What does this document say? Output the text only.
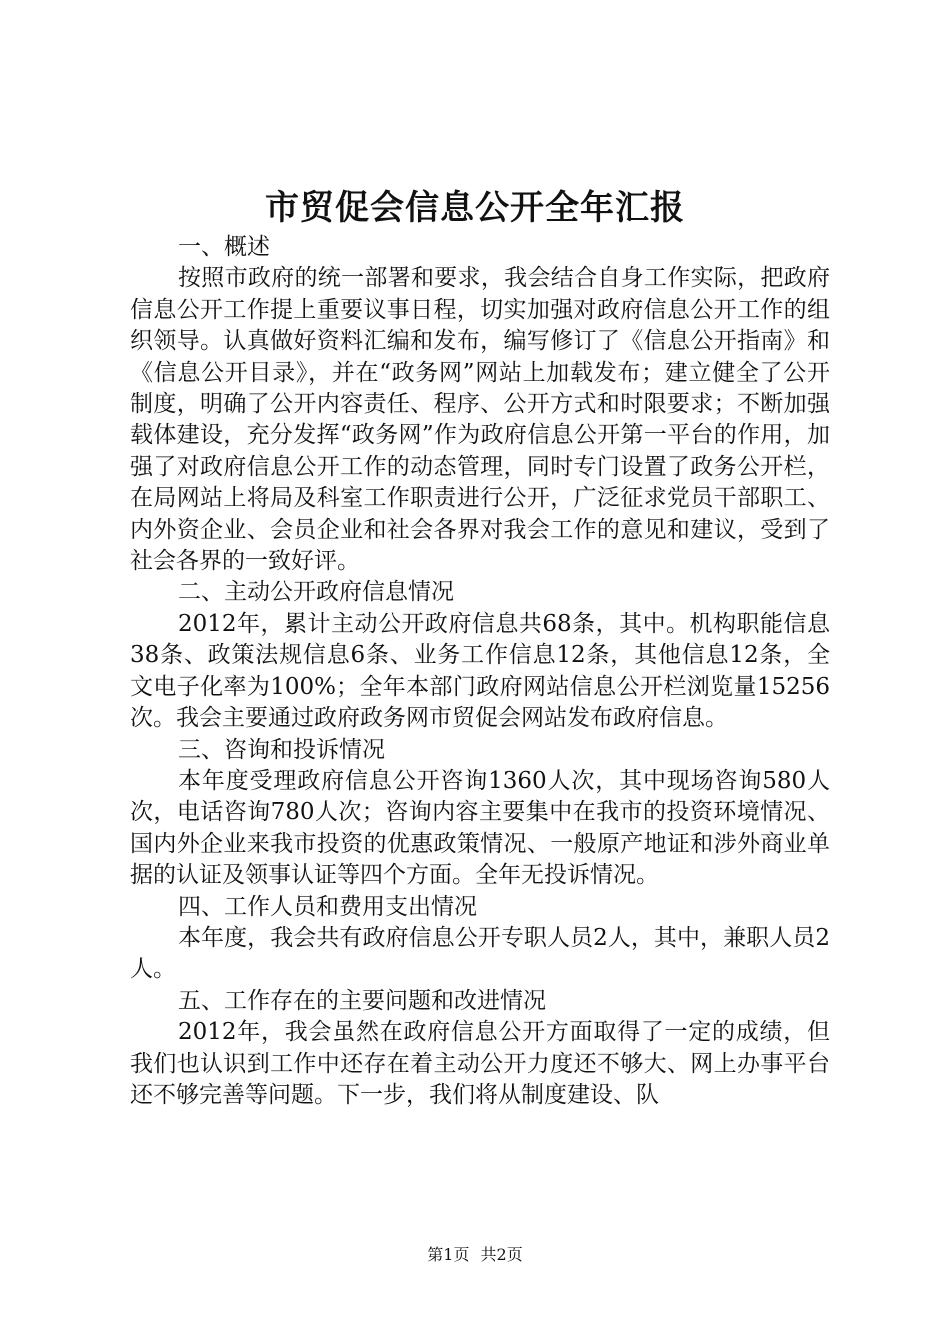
市贸促会信息公开全年汇报

一、概述

按照市政府的统一部署和要求，我会结合自身工作实际，把政府信息公开工作提上重要议事日程，切实加强对政府信息公开工作的组织领导。认真做好资料汇编和发布，编写修订了《信息公开指南》和《信息公开目录》，并在“政务网”网站上加载发布；建立健全了公开制度，明确了公开内容责任、程序、公开方式和时限要求；不断加强载体建设，充分发挥“政务网”作为政府信息公开第一平台的作用，加强了对政府信息公开工作的动态管理，同时专门设置了政务公开栏，在局网站上将局及科室工作职责进行公开，广泛征求党员干部职工、内外资企业、会员企业和社会各界对我会工作的意见和建议，受到了社会各界的一致好评。

二、主动公开政府信息情况

2012年，累计主动公开政府信息共68条，其中。机构职能信息38条、政策法规信息6条、业务工作信息12条，其他信息12条，全文电子化率为100%；全年本部门政府网站信息公开栏浏览量15256次。我会主要通过政府政务网市贸促会网站发布政府信息。

三、咨询和投诉情况

本年度受理政府信息公开咨询1360人次，其中现场咨询580人次，电话咨询780人次；咨询内容主要集中在我市的投资环境情况、国内外企业来我市投资的优惠政策情况、一般原产地证和涉外商业单据的认证及领事认证等四个方面。全年无投诉情况。

四、工作人员和费用支出情况

本年度，我会共有政府信息公开专职人员2人，其中，兼职人员2人。

五、工作存在的主要问题和改进情况

2012年，我会虽然在政府信息公开方面取得了一定的成绩，但我们也认识到工作中还存在着主动公开力度还不够大、网上办事平台还不够完善等问题。下一步，我们将从制度建设、队

第1页 共2页
